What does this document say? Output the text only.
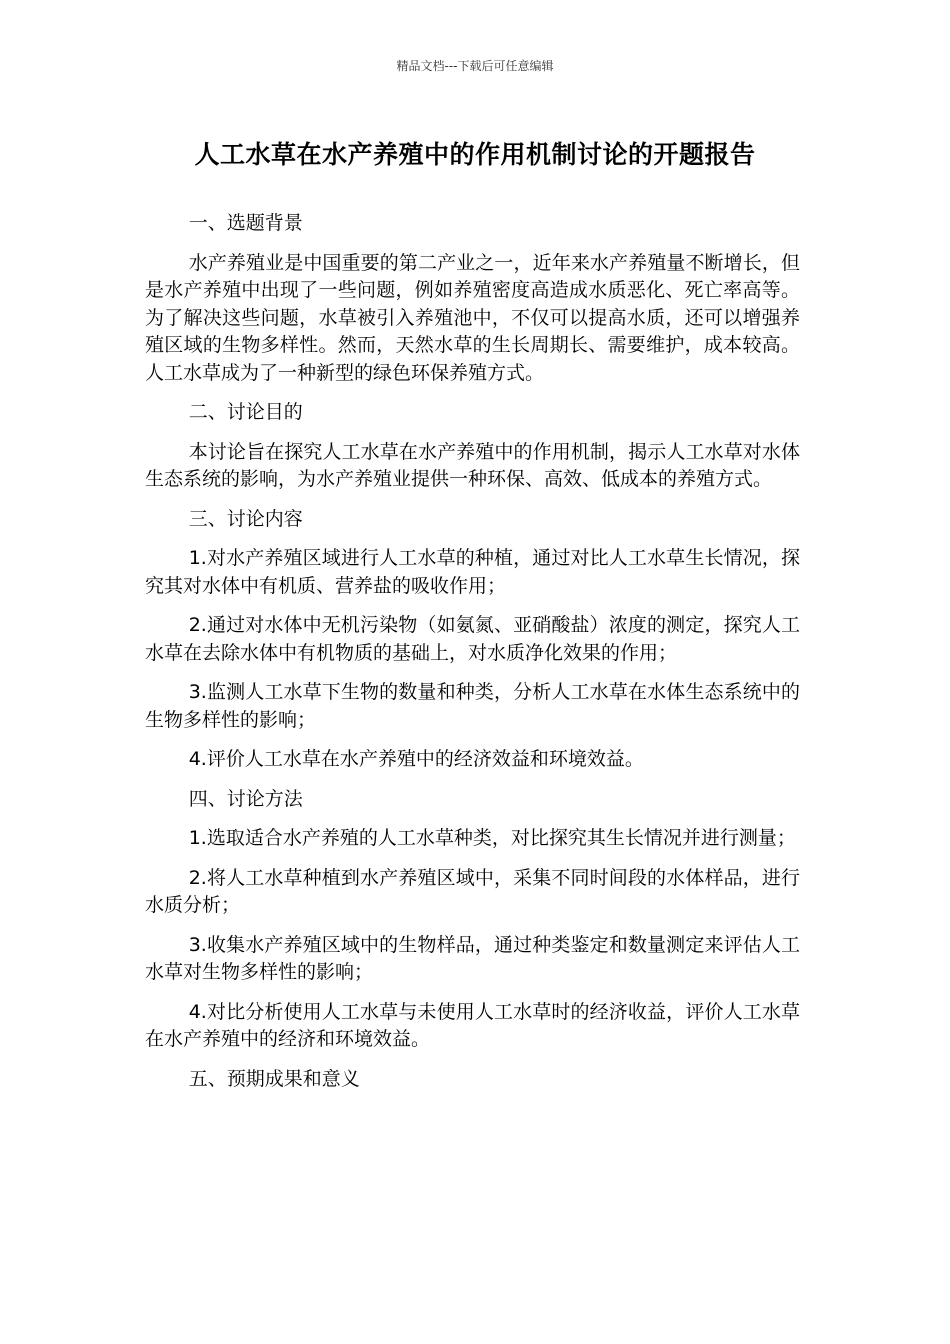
精品文档---下载后可任意编辑
人工水草在水产养殖中的作用机制讨论的开题报告

一、选题背景

水产养殖业是中国重要的第二产业之一，近年来水产养殖量不断增长，但是水产养殖中出现了一些问题，例如养殖密度高造成水质恶化、死亡率高等。为了解决这些问题，水草被引入养殖池中，不仅可以提高水质，还可以增强养殖区域的生物多样性。然而，天然水草的生长周期长、需要维护，成本较高。人工水草成为了一种新型的绿色环保养殖方式。

二、讨论目的

本讨论旨在探究人工水草在水产养殖中的作用机制，揭示人工水草对水体生态系统的影响，为水产养殖业提供一种环保、高效、低成本的养殖方式。

三、讨论内容

1.对水产养殖区域进行人工水草的种植，通过对比人工水草生长情况，探究其对水体中有机质、营养盐的吸收作用；

2.通过对水体中无机污染物（如氨氮、亚硝酸盐）浓度的测定，探究人工水草在去除水体中有机物质的基础上，对水质净化效果的作用；

3.监测人工水草下生物的数量和种类，分析人工水草在水体生态系统中的生物多样性的影响；

4.评价人工水草在水产养殖中的经济效益和环境效益。

四、讨论方法

1.选取适合水产养殖的人工水草种类，对比探究其生长情况并进行测量；

2.将人工水草种植到水产养殖区域中，采集不同时间段的水体样品，进行水质分析；

3.收集水产养殖区域中的生物样品，通过种类鉴定和数量测定来评估人工水草对生物多样性的影响；

4.对比分析使用人工水草与未使用人工水草时的经济收益，评价人工水草在水产养殖中的经济和环境效益。

五、预期成果和意义
